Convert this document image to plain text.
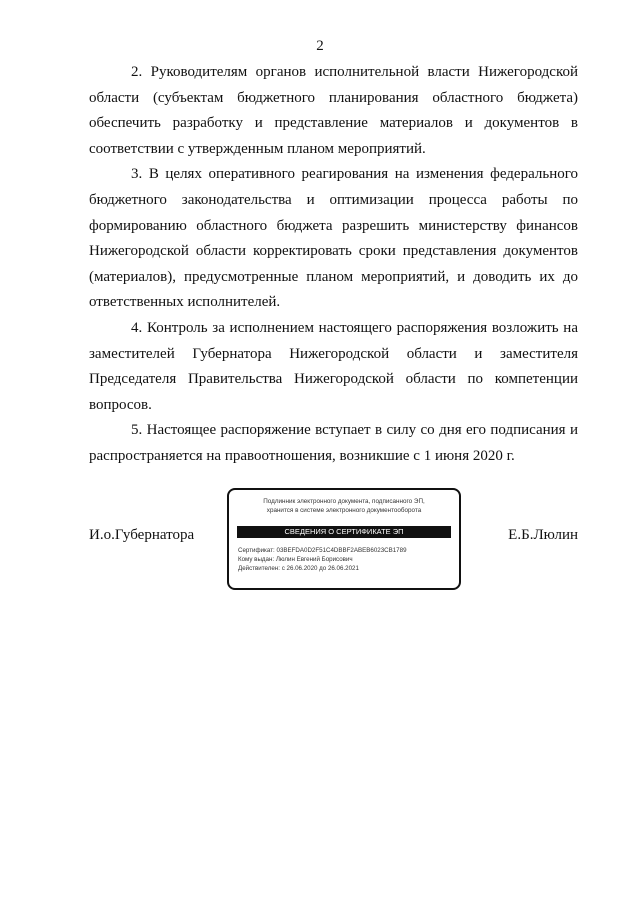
2

2. Руководителям органов исполнительной власти Нижегородской области (субъектам бюджетного планирования областного бюджета) обеспечить разработку и представление материалов и документов в соответствии с утвержденным планом мероприятий.

3. В целях оперативного реагирования на изменения федерального бюджетного законодательства и оптимизации процесса работы по формированию областного бюджета разрешить министерству финансов Нижегородской области корректировать сроки представления документов (материалов), предусмотренные планом мероприятий, и доводить их до ответственных исполнителей.

4. Контроль за исполнением настоящего распоряжения возложить на заместителей Губернатора Нижегородской области и заместителя Председателя Правительства Нижегородской области по компетенции вопросов.

5. Настоящее распоряжение вступает в силу со дня его подписания и распространяется на правоотношения, возникшие с 1 июня 2020 г.

И.о.Губернатора
Подлинник электронного документа, подписанного ЭП,
хранится в системе электронного документооборота
СВЕДЕНИЯ О СЕРТИФИКАТЕ ЭП
Сертификат: 03BEFDA0D2F51C4DBBF2ABEB6023CB1789
Кому выдан: Люлин Евгений Борисович
Действителен: с 26.06.2020 до 26.06.2021
Е.Б.Люлин
